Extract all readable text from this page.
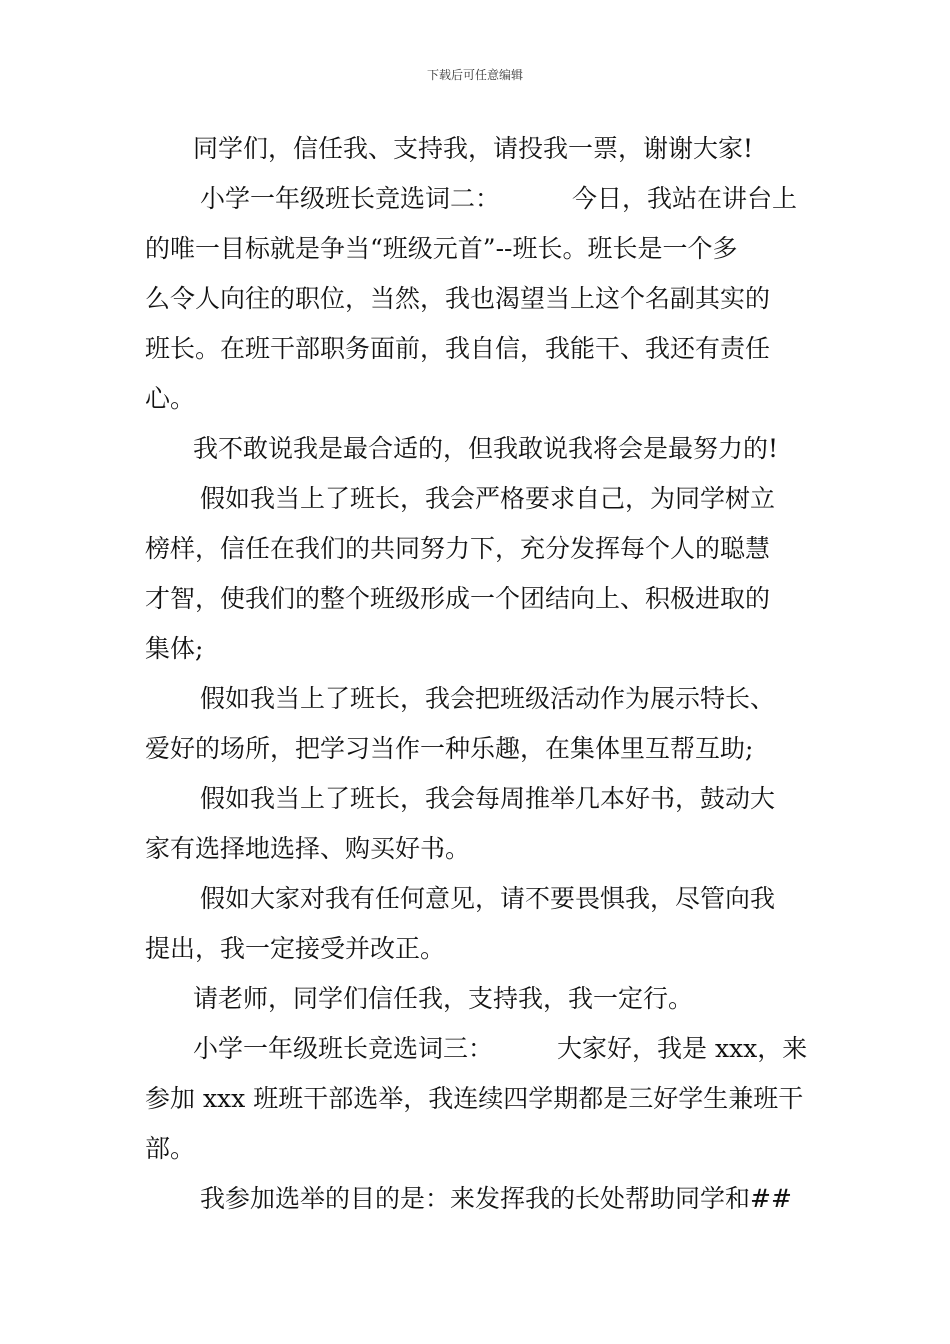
下载后可任意编辑
同学们，信任我、支持我，请投我一票，谢谢大家!
小学一年级班长竞选词二：	今日，我站在讲台上
的唯一目标就是争当“班级元首”--班长。班长是一个多
么令人向往的职位，当然，我也渴望当上这个名副其实的
班长。在班干部职务面前，我自信，我能干、我还有责任
心。
我不敢说我是最合适的，但我敢说我将会是最努力的!
假如我当上了班长，我会严格要求自己，为同学树立
榜样，信任在我们的共同努力下，充分发挥每个人的聪慧
才智，使我们的整个班级形成一个团结向上、积极进取的
集体;
假如我当上了班长，我会把班级活动作为展示特长、
爱好的场所，把学习当作一种乐趣，在集体里互帮互助;
假如我当上了班长，我会每周推举几本好书，鼓动大
家有选择地选择、购买好书。
假如大家对我有任何意见，请不要畏惧我，尽管向我
提出，我一定接受并改正。
请老师，同学们信任我，支持我，我一定行。
小学一年级班长竞选词三：	大家好，我是 xxx，来
参加 xxx 班班干部选举，我连续四学期都是三好学生兼班干
部。
我参加选举的目的是：来发挥我的长处帮助同学和##
